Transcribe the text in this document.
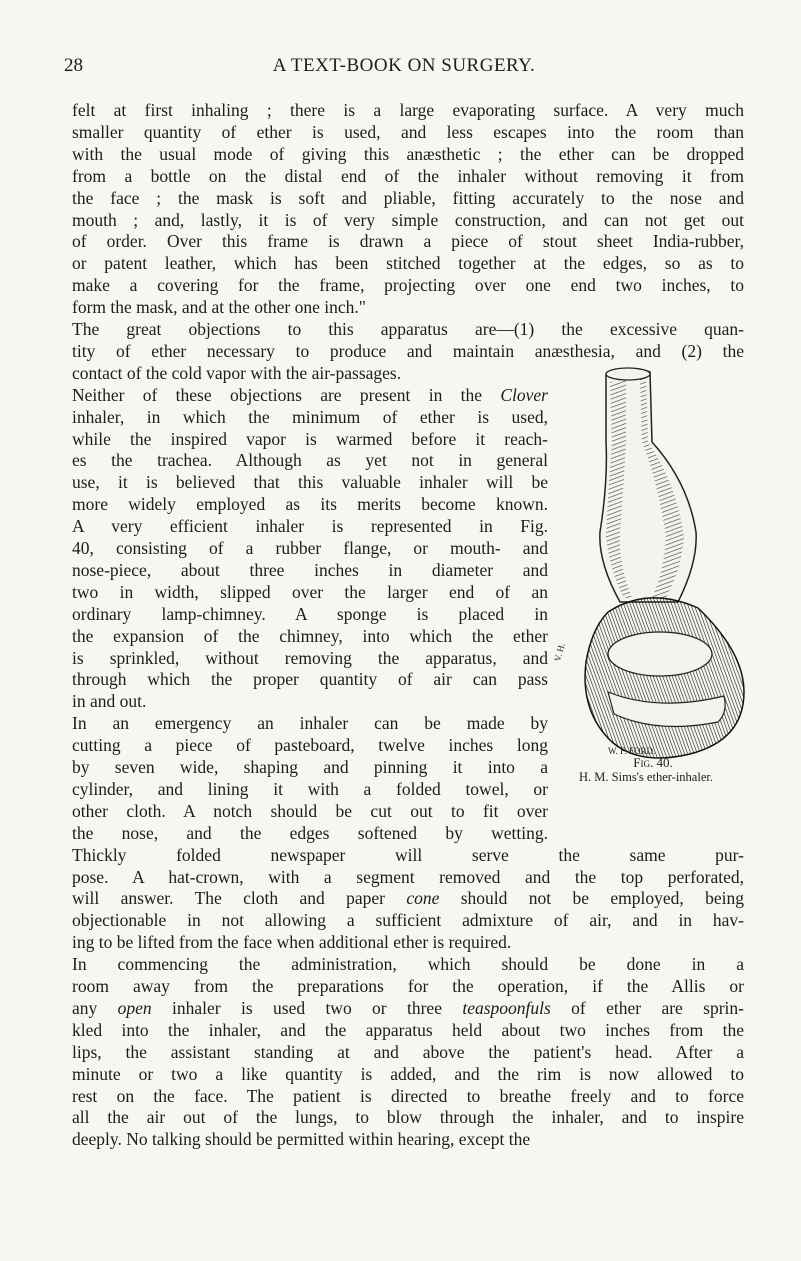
28	A TEXT-BOOK ON SURGERY.
felt at first inhaling ; there is a large evaporating surface. A very much
smaller quantity of ether is used, and less escapes into the room than
with the usual mode of giving this anæsthetic ; the ether can be dropped
from a bottle on the distal end of the inhaler without removing it from
the face ; the mask is soft and pliable, fitting accurately to the nose and
mouth ; and, lastly, it is of very simple construction, and can not get out
of order. Over this frame is drawn a piece of stout sheet India-rubber,
or patent leather, which has been stitched together at the edges, so as to
make a covering for the frame, projecting over one end two inches, to
form the mask, and at the other one inch."
The great objections to this apparatus are—(1) the excessive quan-
tity of ether necessary to produce and maintain anæsthesia, and (2) the
contact of the cold vapor with the air-passages.
Neither of these objections are present in the Clover
inhaler, in which the minimum of ether is used,
while the inspired vapor is warmed before it reach-
es the trachea. Although as yet not in general
use, it is believed that this valuable inhaler will be
more widely employed as its merits become known.
A very efficient inhaler is represented in Fig.
40, consisting of a rubber flange, or mouth- and
nose-piece, about three inches in diameter and
two in width, slipped over the larger end of an
ordinary lamp-chimney. A sponge is placed in
the expansion of the chimney, into which the ether
is sprinkled, without removing the apparatus, and
through which the proper quantity of air can pass
in and out.
In an emergency an inhaler can be made by
cutting a piece of pasteboard, twelve inches long
by seven wide, shaping and pinning it into a
cylinder, and lining it with a folded towel, or
other cloth. A notch should be cut out to fit over
the nose, and the edges softened by wetting.
Thickly folded newspaper will serve the same pur-
pose. A hat-crown, with a segment removed and the top perforated,
will answer. The cloth and paper cone should not be employed, being
objectionable in not allowing a sufficient admixture of air, and in hav-
ing to be lifted from the face when additional ether is required.
In commencing the administration, which should be done in a
room away from the preparations for the operation, if the Allis or
any open inhaler is used two or three teaspoonfuls of ether are sprin-
kled into the inhaler, and the apparatus held about two inches from the
lips, the assistant standing at and above the patient's head. After a
minute or two a like quantity is added, and the rim is now allowed to
rest on the face. The patient is directed to breathe freely and to force
all the air out of the lungs, to blow through the inhaler, and to inspire
deeply. No talking should be permitted within hearing, except the
V. H.
W. F. FORD.
Fig. 40.
H. M. Sims's ether-inhaler.
